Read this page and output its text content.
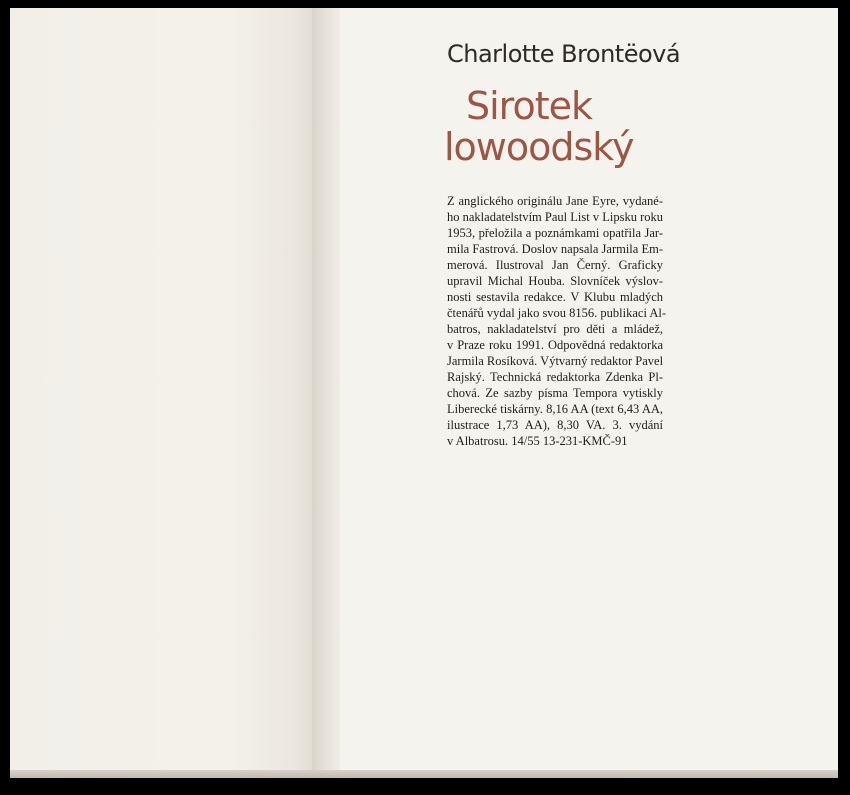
Charlotte Brontëová
Sirotek
lowoodský
Z anglického originálu Jane Eyre, vydané-
ho nakladatelstvím Paul List v Lipsku roku
1953, přeložila a poznámkami opatřila Jar-
mila Fastrová. Doslov napsala Jarmila Em-
merová. Ilustroval Jan Černý. Graficky
upravil Michal Houba. Slovníček výslov-
nosti sestavila redakce. V Klubu mladých
čtenářů vydal jako svou 8156. publikaci Al-
batros, nakladatelství pro děti a mládež,
v Praze roku 1991. Odpovědná redaktorka
Jarmila Rosíková. Výtvarný redaktor Pavel
Rajský. Technická redaktorka Zdenka Pl-
chová. Ze sazby písma Tempora vytiskly
Liberecké tiskárny. 8,16 AA (text 6,43 AA,
ilustrace 1,73 AA), 8,30 VA. 3. vydání
v Albatrosu. 14/55 13-231-KMČ-91
